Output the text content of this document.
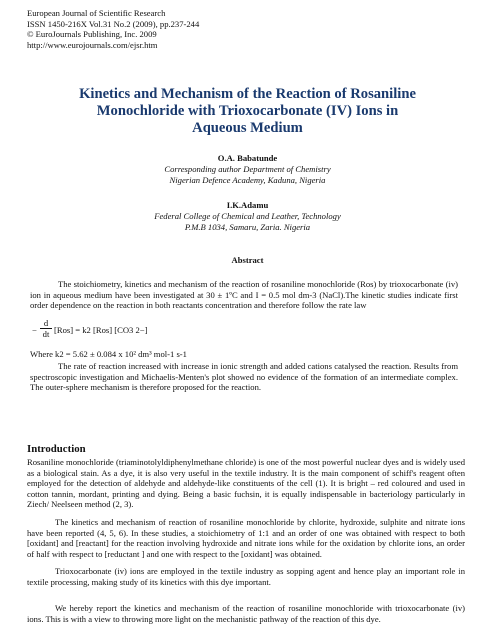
European Journal of Scientific Research
ISSN 1450-216X Vol.31 No.2 (2009), pp.237-244
© EuroJournals Publishing, Inc. 2009
http://www.eurojournals.com/ejsr.htm
Kinetics and Mechanism of the Reaction of Rosaniline
Monochloride with Trioxocarbonate (IV) Ions in
Aqueous Medium
O.A. Babatunde
Corresponding author Department of Chemistry
Nigerian Defence Academy, Kaduna, Nigeria
I.K.Adamu
Federal College of Chemical and Leather, Technology
P.M.B 1034, Samaru, Zaria. Nigeria
Abstract
The stoichiometry, kinetics and mechanism of the reaction of rosaniline monochloride (Ros) by trioxocarbonate (iv) ion in aqueous medium have been investigated at 30 ± 1ºC and I = 0.5 mol dm-3 (NaCl).The kinetic studies indicate first order dependence on the reaction in both reactants concentration and therefore follow the rate law
− $\frac{d}{dt} [Ros] = k2$ [Ros] [CO3 2−]
Where k2 = 5.62 ± 0.084 x 10² dm³ mol-1 s-1
The rate of reaction increased with increase in ionic strength and added cations catalysed the reaction. Results from spectroscopic investigation and Michaelis-Menten's plot showed no evidence of the formation of an intermediate complex. The outer-sphere mechanism is therefore proposed for the reaction.
Introduction
Rosaniline monochloride (triaminotolyldiphenylmethane chloride) is one of the most powerful nuclear dyes and is widely used as a biological stain. As a dye, it is also very useful in the textile industry. It is the main component of schiff's reagent often employed for the detection of aldehyde and aldehyde-like constituents of the cell (1). It is bright – red coloured and used in cotton tannin, mordant, printing and dying. Being a basic fuchsin, it is equally indispensable in bacteriology particularly in Ziech/ Neelseen method (2, 3).
The kinetics and mechanism of reaction of rosaniline monochloride by chlorite, hydroxide, sulphite and nitrate ions have been reported (4, 5, 6). In these studies, a stoichiometry of 1:1 and an order of one was obtained with respect to both [oxidant] and [reactant] for the reaction involving hydroxide and nitrate ions while for the oxidation by chlorite ions, an order of half with respect to [reductant ] and one with respect to the [oxidant] was obtained.
Trioxocarbonate (iv) ions are employed in the textile industry as sopping agent and hence play an important role in textile processing, making study of its kinetics with this dye important.
We hereby report the kinetics and mechanism of the reaction of rosaniline monochloride with trioxocarbonate (iv) ions. This is with a view to throwing more light on the mechanistic pathway of the reaction of this dye.
